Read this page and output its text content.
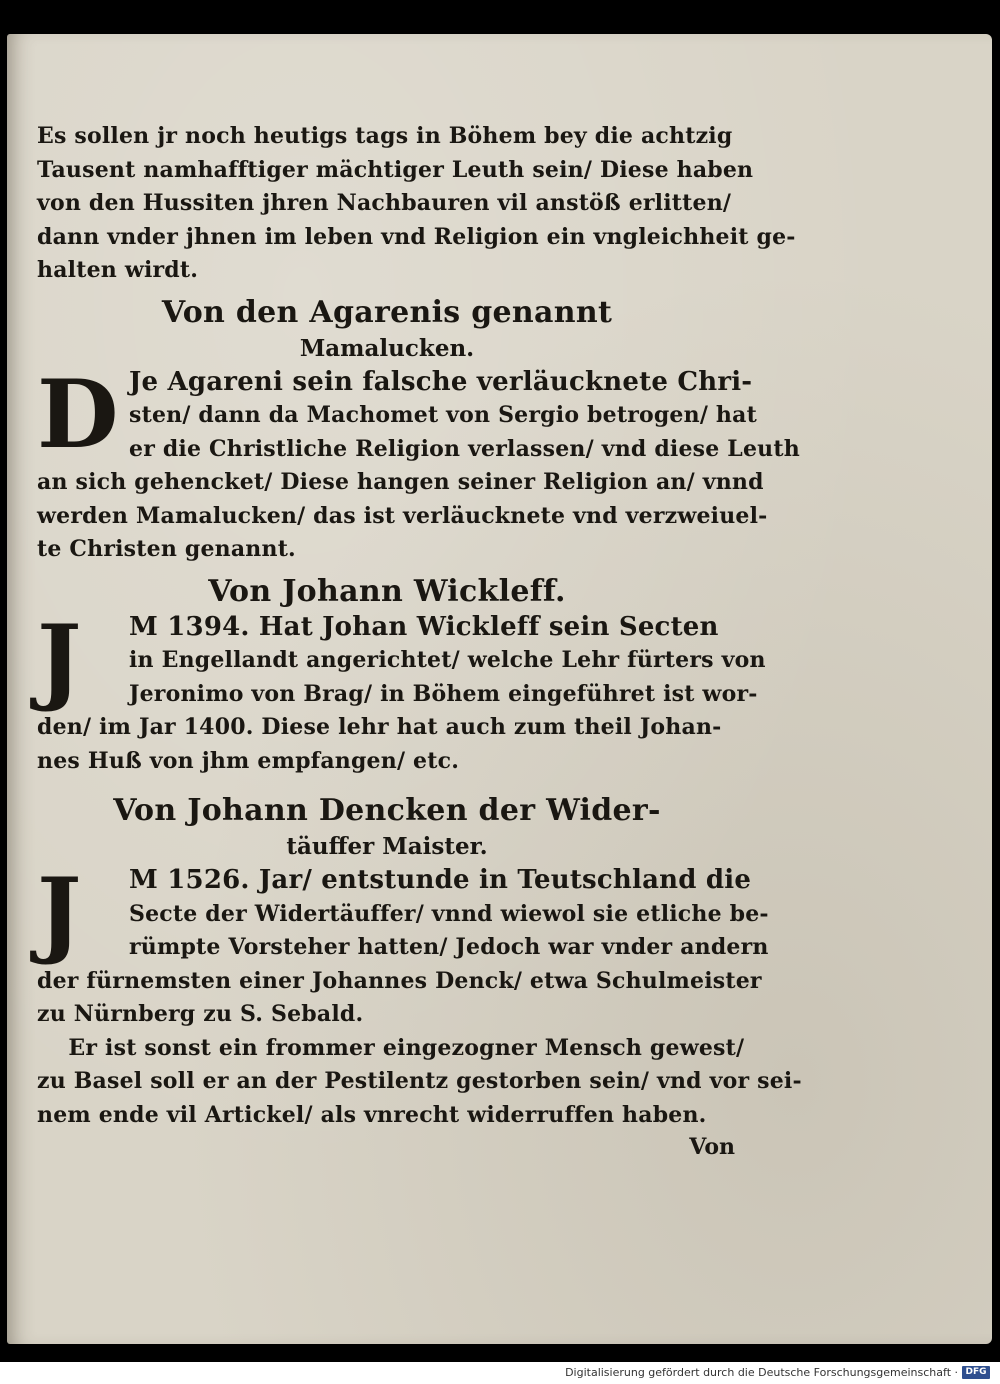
Es sollen jr noch heutigs tags in Böhem bey die achtzig
Tausent namhafftiger mächtiger Leuth sein/ Diese haben
von den Hussiten jhren Nachbauren vil anstöß erlitten/
dann vnder jhnen im leben vnd Religion ein vngleichheit ge-
halten wirdt.
Von den Agarenis genannt
Mamalucken.
D Je Agareni sein falsche verläucknete Chri-
sten/ dann da Machomet von Sergio betrogen/ hat
er die Christliche Religion verlassen/ vnd diese Leuth
an sich gehencket/ Diese hangen seiner Religion an/ vnnd
werden Mamalucken/ das ist verläucknete vnd verzweiuel-
te Christen genannt.
Von Johann Wickleff.
J	M 1394. Hat Johan Wickleff sein Secten
in Engellandt angerichtet/ welche Lehr fürters von
Jeronimo von Brag/ in Böhem eingeführet ist wor-
den/ im Jar 1400. Diese lehr hat auch zum theil Johan-
nes Huß von jhm empfangen/ etc.
Von Johann Dencken der Wider-
täuffer Maister.
J	M 1526. Jar/ entstunde in Teutschland die
Secte der Widertäuffer/ vnnd wiewol sie etliche be-
rümpte Vorsteher hatten/ Jedoch war vnder andern
der fürnemsten einer Johannes Denck/ etwa Schulmeister
zu Nürnberg zu S. Sebald.
Er ist sonst ein frommer eingezogner Mensch gewest/
zu Basel soll er an der Pestilentz gestorben sein/ vnd vor sei-
nem ende vil Artickel/ als vnrecht widerruffen haben.
Von
Digitalisierung gefördert durch die Deutsche Forschungsgemeinschaft · DFG
